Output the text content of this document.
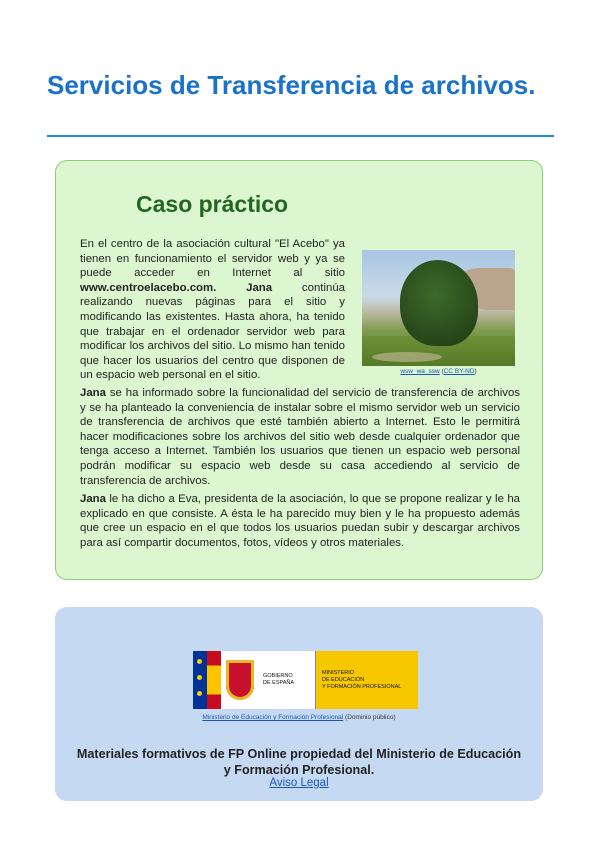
Servicios de Transferencia de archivos.
Caso práctico

En el centro de la asociación cultural "El Acebo" ya tienen en funcionamiento el servidor web y ya se puede acceder en Internet al sitio www.centroelacebo.com. Jana continúa realizando nuevas páginas para el sitio y modificando las existentes. Hasta ahora, ha tenido que trabajar en el ordenador servidor web para modificar los archivos del sitio. Lo mismo han tenido que hacer los usuarios del centro que disponen de un espacio web personal en el sitio.	wsw_wa_ssw (CC BY-ND)

Jana se ha informado sobre la funcionalidad del servicio de transferencia de archivos y se ha planteado la conveniencia de instalar sobre el mismo servidor web un servicio de transferencia de archivos que esté también abierto a Internet. Esto le permitirá hacer modificaciones sobre los archivos del sitio web desde cualquier ordenador que tenga acceso a Internet. También los usuarios que tienen un espacio web personal podrán modificar su espacio web desde su casa accediendo al servicio de transferencia de archivos.

Jana le ha dicho a Eva, presidenta de la asociación, lo que se propone realizar y le ha explicado en que consiste. A ésta le ha parecido muy bien y le ha propuesto además que cree un espacio en el que todos los usuarios puedan subir y descargar archivos para así compartir documentos, fotos, vídeos y otros materiales.

GOBIERNO
DE ESPAÑA
MINISTERIO
DE EDUCACIÓN
Y FORMACIÓN PROFESIONAL
Ministerio de Educación y Formación Profesional (Dominio público)

Materiales formativos de FP Online propiedad del Ministerio de Educación y Formación Profesional.

Aviso Legal
